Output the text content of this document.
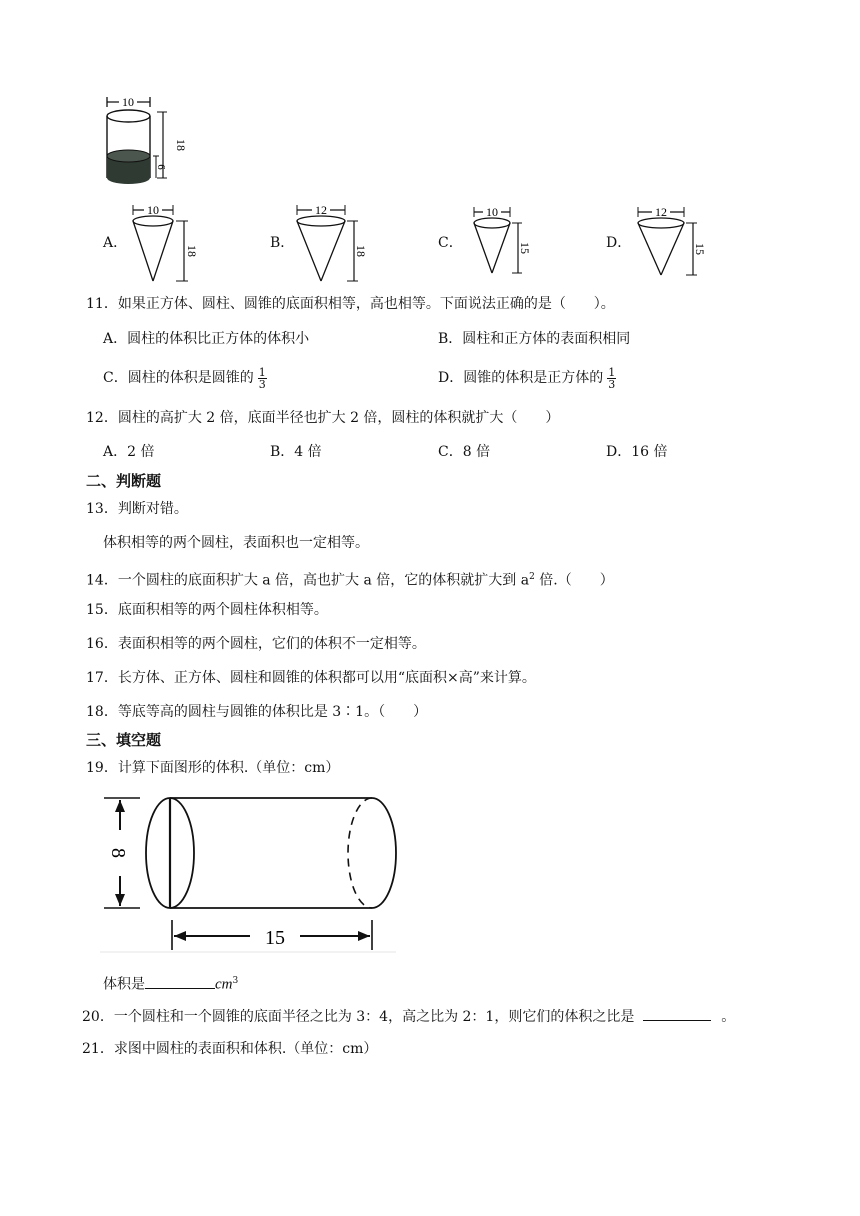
10
18
6
A．
10
18	B．
12
18	C．
10
15	D．
12
15
11．如果正方体、圆柱、圆锥的底面积相等，高也相等。下面说法正确的是（　　）。
A．圆柱的体积比正方体的体积小	B．圆柱和正方体的表面积相同
C．圆柱的体积是圆锥的 $\frac{1}{3}$	D．圆锥的体积是正方体的 $\frac{1}{3}$
12．圆柱的高扩大 2 倍，底面半径也扩大 2 倍，圆柱的体积就扩大（　　）
A．2 倍	B．4 倍	C．8 倍	D．16 倍
二、判断题
13．判断对错。
体积相等的两个圆柱，表面积也一定相等。
14．一个圆柱的底面积扩大 a 倍，高也扩大 a 倍，它的体积就扩大到 $a^2$ 倍.（　　）
15．底面积相等的两个圆柱体积相等。
16．表面积相等的两个圆柱，它们的体积不一定相等。
17．长方体、正方体、圆柱和圆锥的体积都可以用“底面积×高”来计算。
18．等底等高的圆柱与圆锥的体积比是 3∶1。（　　）
三、填空题
19．计算下面图形的体积.（单位：cm）
8
15
体积是	$cm^3$
20．一个圆柱和一个圆锥的底面半径之比为 3：4，高之比为 2：1，则它们的体积之比是	。
21．求图中圆柱的表面积和体积.（单位：cm）
